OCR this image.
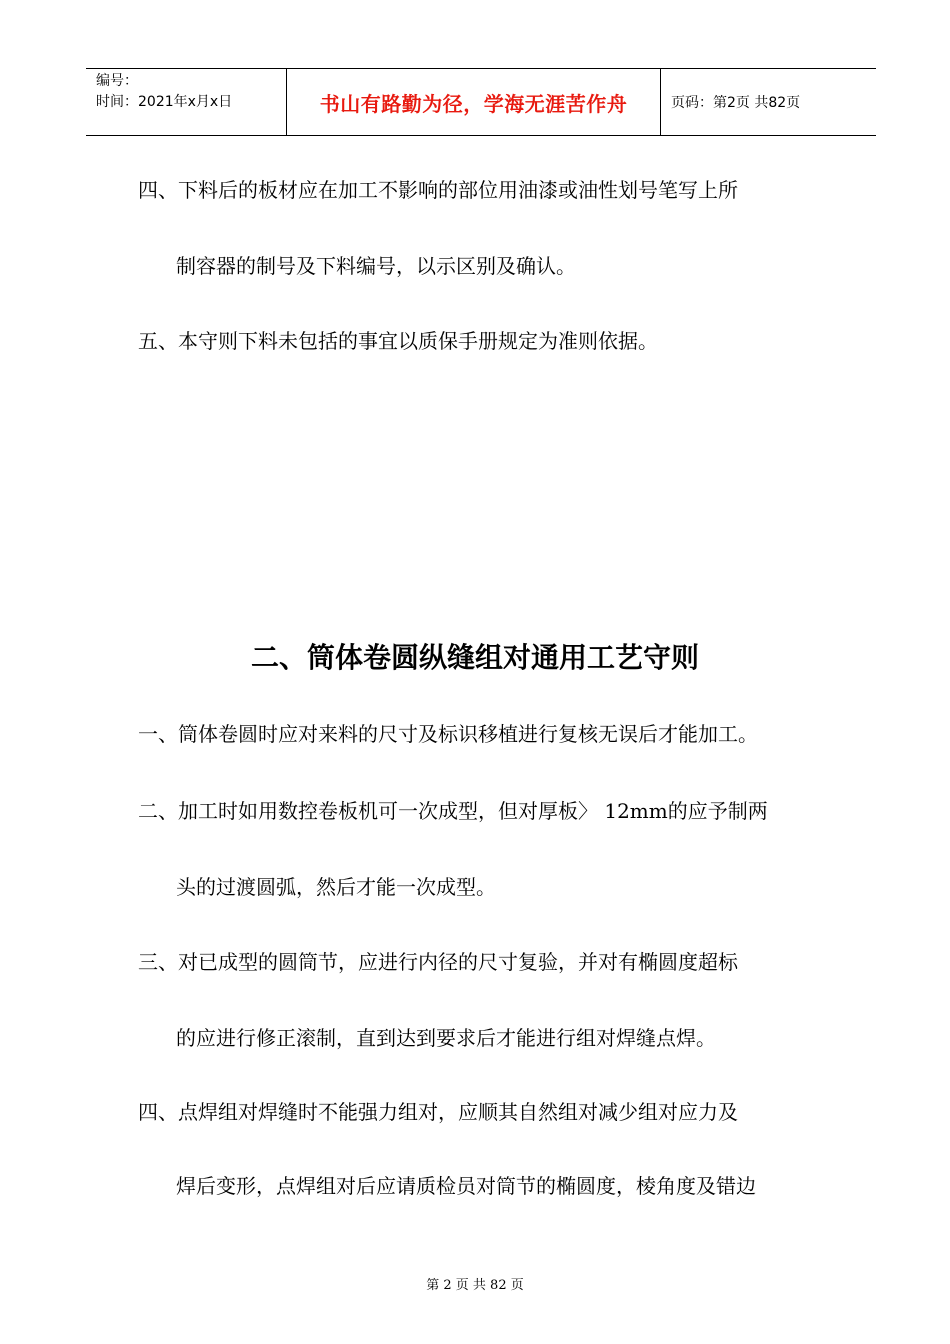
编号：
时间：2021年x月x日	书山有路勤为径，学海无涯苦作舟	页码：第2页 共82页
四、下料后的板材应在加工不影响的部位用油漆或油性划号笔写上所
制容器的制号及下料编号，以示区别及确认。
五、本守则下料未包括的事宜以质保手册规定为准则依据。
二、筒体卷圆纵缝组对通用工艺守则
一、筒体卷圆时应对来料的尺寸及标识移植进行复核无误后才能加工。
二、加工时如用数控卷板机可一次成型，但对厚板〉 12mm的应予制两
头的过渡圆弧，然后才能一次成型。
三、对已成型的圆筒节，应进行内径的尺寸复验，并对有椭圆度超标
的应进行修正滚制，直到达到要求后才能进行组对焊缝点焊。
四、点焊组对焊缝时不能强力组对，应顺其自然组对减少组对应力及
焊后变形，点焊组对后应请质检员对筒节的椭圆度，棱角度及错边
第 2 页 共 82 页
